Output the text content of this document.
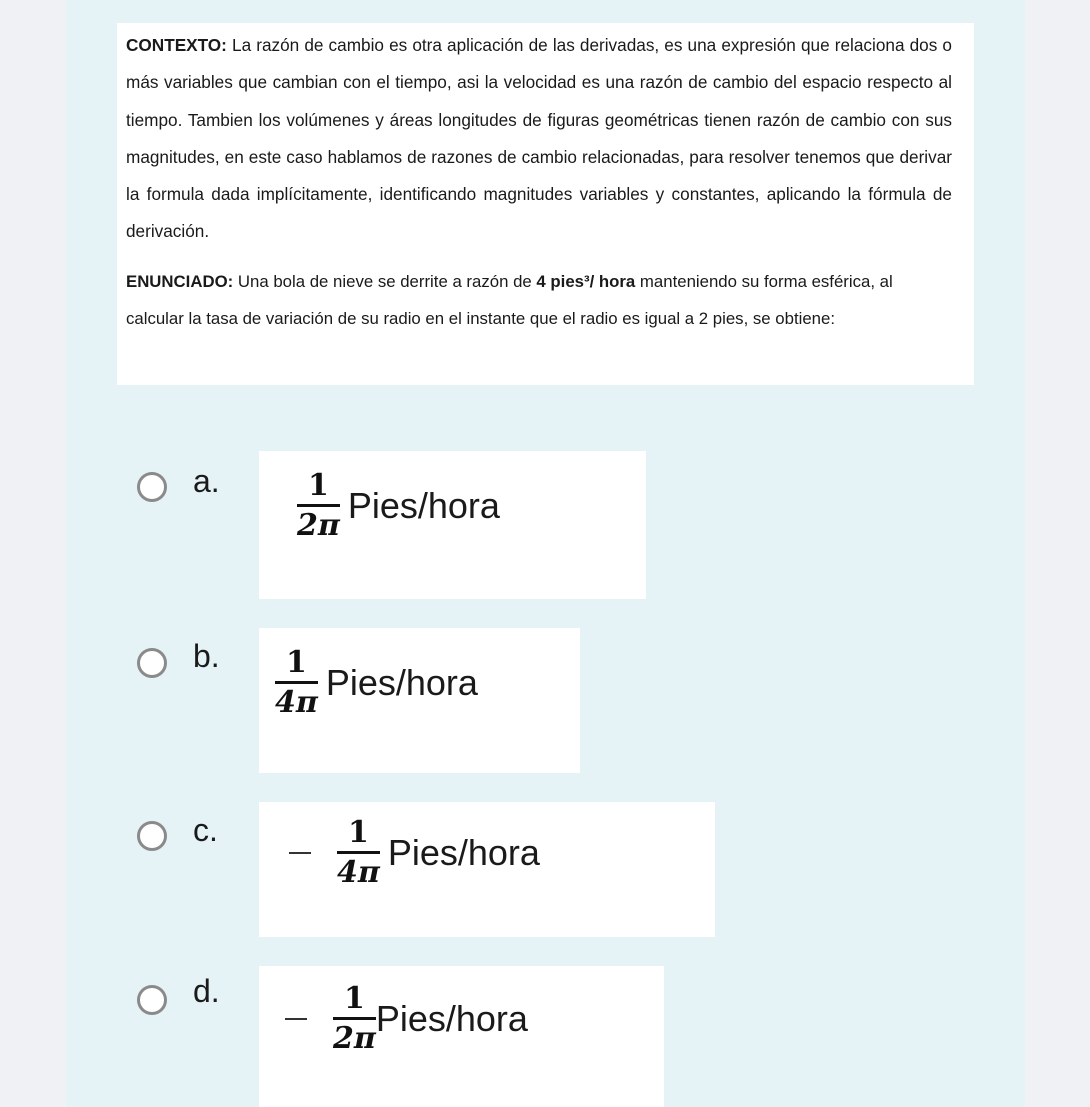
CONTEXTO: La razón de cambio es otra aplicación de las derivadas, es una expresión que relaciona dos o más variables que cambian con el tiempo, asi la velocidad es una razón de cambio del espacio respecto al tiempo. Tambien los volúmenes y áreas longitudes de figuras geométricas tienen razón de cambio con sus magnitudes, en este caso hablamos de razones de cambio relacionadas, para resolver tenemos que derivar la formula dada implícitamente, identificando magnitudes variables y constantes, aplicando la fórmula de derivación.

ENUNCIADO: Una bola de nieve se derrite a razón de 4 pies³/ hora manteniendo su forma esférica, al calcular la tasa de variación de su radio en el instante que el radio es igual a 2 pies, se obtiene:

a.	$\frac{1}{2\pi}$ Pies/hora
b. $\frac{1}{4\pi}$ Pies/hora
c.	$\frac{1}{4\pi}$ Pies/hora
d.	$\frac{1}{2\pi}$ Pies/hora
